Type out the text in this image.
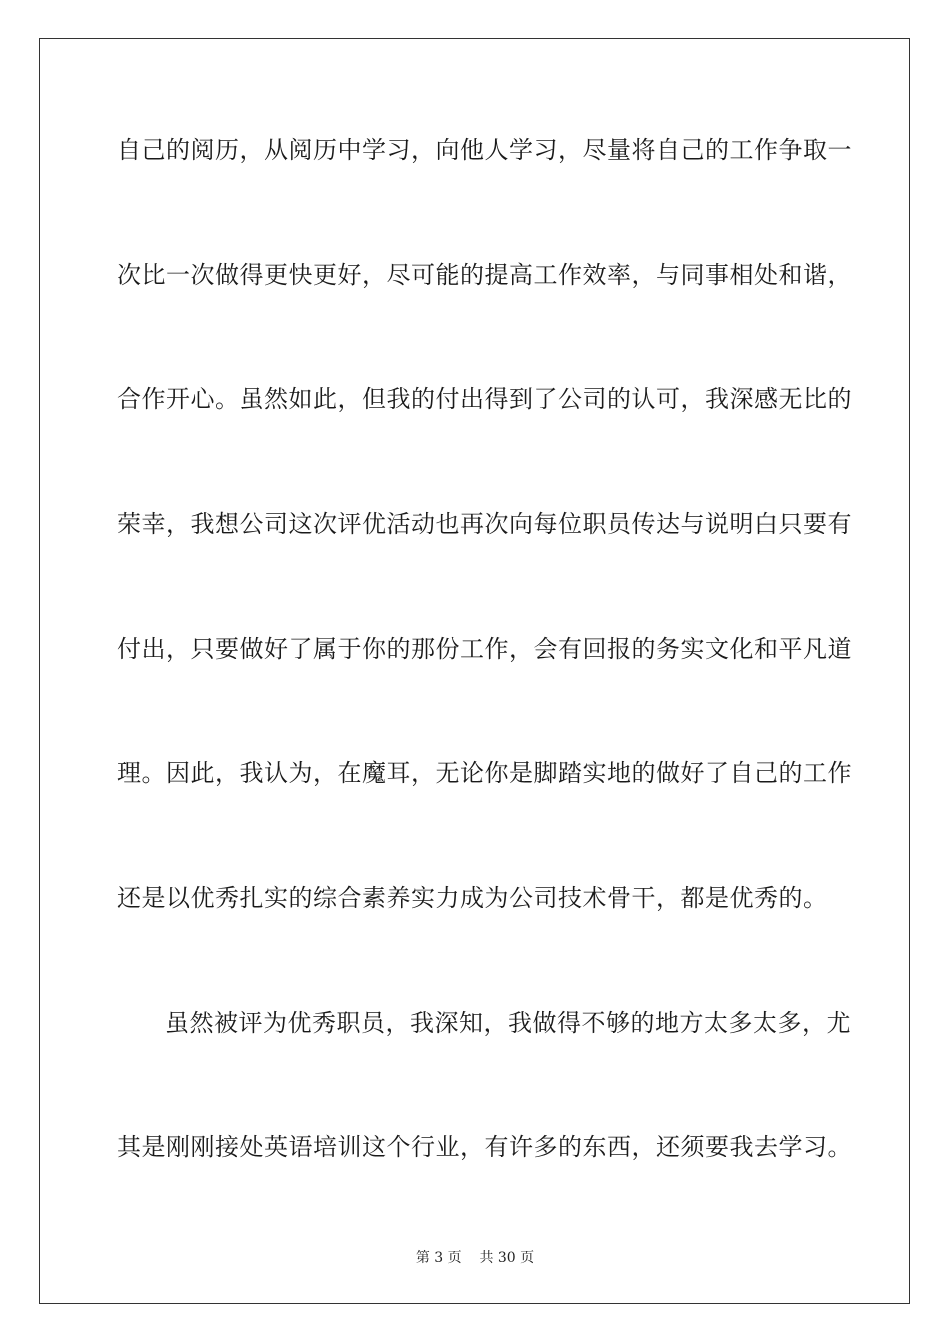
自己的阅历，从阅历中学习，向他人学习，尽量将自己的工作争取一
次比一次做得更快更好，尽可能的提高工作效率，与同事相处和谐，
合作开心。虽然如此，但我的付出得到了公司的认可，我深感无比的
荣幸，我想公司这次评优活动也再次向每位职员传达与说明白只要有
付出，只要做好了属于你的那份工作，会有回报的务实文化和平凡道
理。因此，我认为，在魔耳，无论你是脚踏实地的做好了自己的工作
还是以优秀扎实的综合素养实力成为公司技术骨干，都是优秀的。
虽然被评为优秀职员，我深知，我做得不够的地方太多太多，尤
其是刚刚接处英语培训这个行业，有许多的东西，还须要我去学习。
第 3 页 共 30 页
